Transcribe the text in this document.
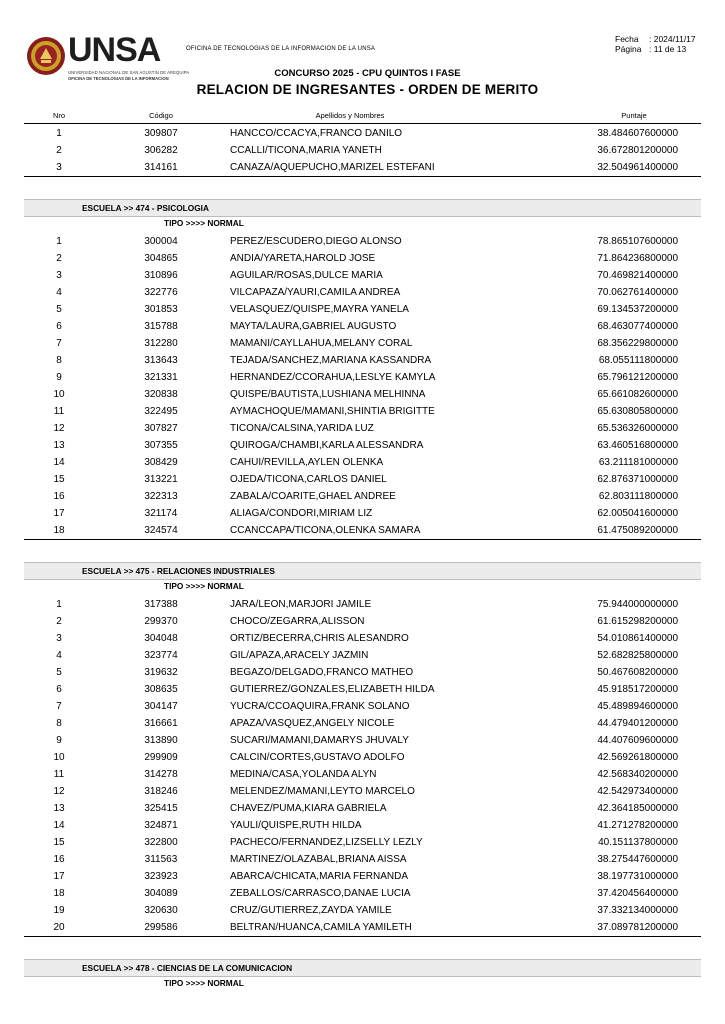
UNSA
UNIVERSIDAD NACIONAL DE SAN AGUSTIN DE AREQUIPA
OFICINA DE TECNOLOGIAS DE LA INFORMACION
OFICINA DE TECNOLOGIAS DE LA INFORMACION DE LA UNSA
Fecha : 2024/11/17
Página : 11 de 13
CONCURSO 2025 - CPU QUINTOS I FASE
RELACION DE INGRESANTES - ORDEN DE MERITO
Nro	Código	Apellidos y Nombres	Puntaje
1	309807	HANCCO/CCACYA,FRANCO DANILO	38.484607600000
2	306282	CCALLI/TICONA,MARIA YANETH	36.672801200000
3	314161	CANAZA/AQUEPUCHO,MARIZEL ESTEFANI	32.504961400000
ESCUELA >> 474 - PSICOLOGIA
TIPO >>>> NORMAL
1	300004	PEREZ/ESCUDERO,DIEGO ALONSO	78.865107600000
2	304865	ANDIA/YARETA,HAROLD JOSE	71.864236800000
3	310896	AGUILAR/ROSAS,DULCE MARIA	70.469821400000
4	322776	VILCAPAZA/YAURI,CAMILA ANDREA	70.062761400000
5	301853	VELASQUEZ/QUISPE,MAYRA YANELA	69.134537200000
6	315788	MAYTA/LAURA,GABRIEL AUGUSTO	68.463077400000
7	312280	MAMANI/CAYLLAHUA,MELANY CORAL	68.356229800000
8	313643	TEJADA/SANCHEZ,MARIANA KASSANDRA	68.055111800000
9	321331	HERNANDEZ/CCORAHUA,LESLYE KAMYLA	65.796121200000
10	320838	QUISPE/BAUTISTA,LUSHIANA MELHINNA	65.661082600000
11	322495	AYMACHOQUE/MAMANI,SHINTIA BRIGITTE	65.630805800000
12	307827	TICONA/CALSINA,YARIDA LUZ	65.536326000000
13	307355	QUIROGA/CHAMBI,KARLA ALESSANDRA	63.460516800000
14	308429	CAHUI/REVILLA,AYLEN OLENKA	63.211181000000
15	313221	OJEDA/TICONA,CARLOS DANIEL	62.876371000000
16	322313	ZABALA/COARITE,GHAEL ANDREE	62.803111800000
17	321174	ALIAGA/CONDORI,MIRIAM LIZ	62.005041600000
18	324574	CCANCCAPA/TICONA,OLENKA SAMARA	61.475089200000
ESCUELA >> 475 - RELACIONES INDUSTRIALES
TIPO >>>> NORMAL
1	317388	JARA/LEON,MARJORI JAMILE	75.944000000000
2	299370	CHOCO/ZEGARRA,ALISSON	61.615298200000
3	304048	ORTIZ/BECERRA,CHRIS ALESANDRO	54.010861400000
4	323774	GIL/APAZA,ARACELY JAZMIN	52.682825800000
5	319632	BEGAZO/DELGADO,FRANCO MATHEO	50.467608200000
6	308635	GUTIERREZ/GONZALES,ELIZABETH HILDA	45.918517200000
7	304147	YUCRA/CCOAQUIRA,FRANK SOLANO	45.489894600000
8	316661	APAZA/VASQUEZ,ANGELY NICOLE	44.479401200000
9	313890	SUCARI/MAMANI,DAMARYS JHUVALY	44.407609600000
10	299909	CALCIN/CORTES,GUSTAVO ADOLFO	42.569261800000
11	314278	MEDINA/CASA,YOLANDA ALYN	42.568340200000
12	318246	MELENDEZ/MAMANI,LEYTO MARCELO	42.542973400000
13	325415	CHAVEZ/PUMA,KIARA GABRIELA	42.364185000000
14	324871	YAULI/QUISPE,RUTH HILDA	41.271278200000
15	322800	PACHECO/FERNANDEZ,LIZSELLY LEZLY	40.151137800000
16	311563	MARTINEZ/OLAZABAL,BRIANA AISSA	38.275447600000
17	323923	ABARCA/CHICATA,MARIA FERNANDA	38.197731000000
18	304089	ZEBALLOS/CARRASCO,DANAE LUCIA	37.420456400000
19	320630	CRUZ/GUTIERREZ,ZAYDA YAMILE	37.332134000000
20	299586	BELTRAN/HUANCA,CAMILA YAMILETH	37.089781200000
ESCUELA >> 478 - CIENCIAS DE LA COMUNICACION
TIPO >>>> NORMAL
